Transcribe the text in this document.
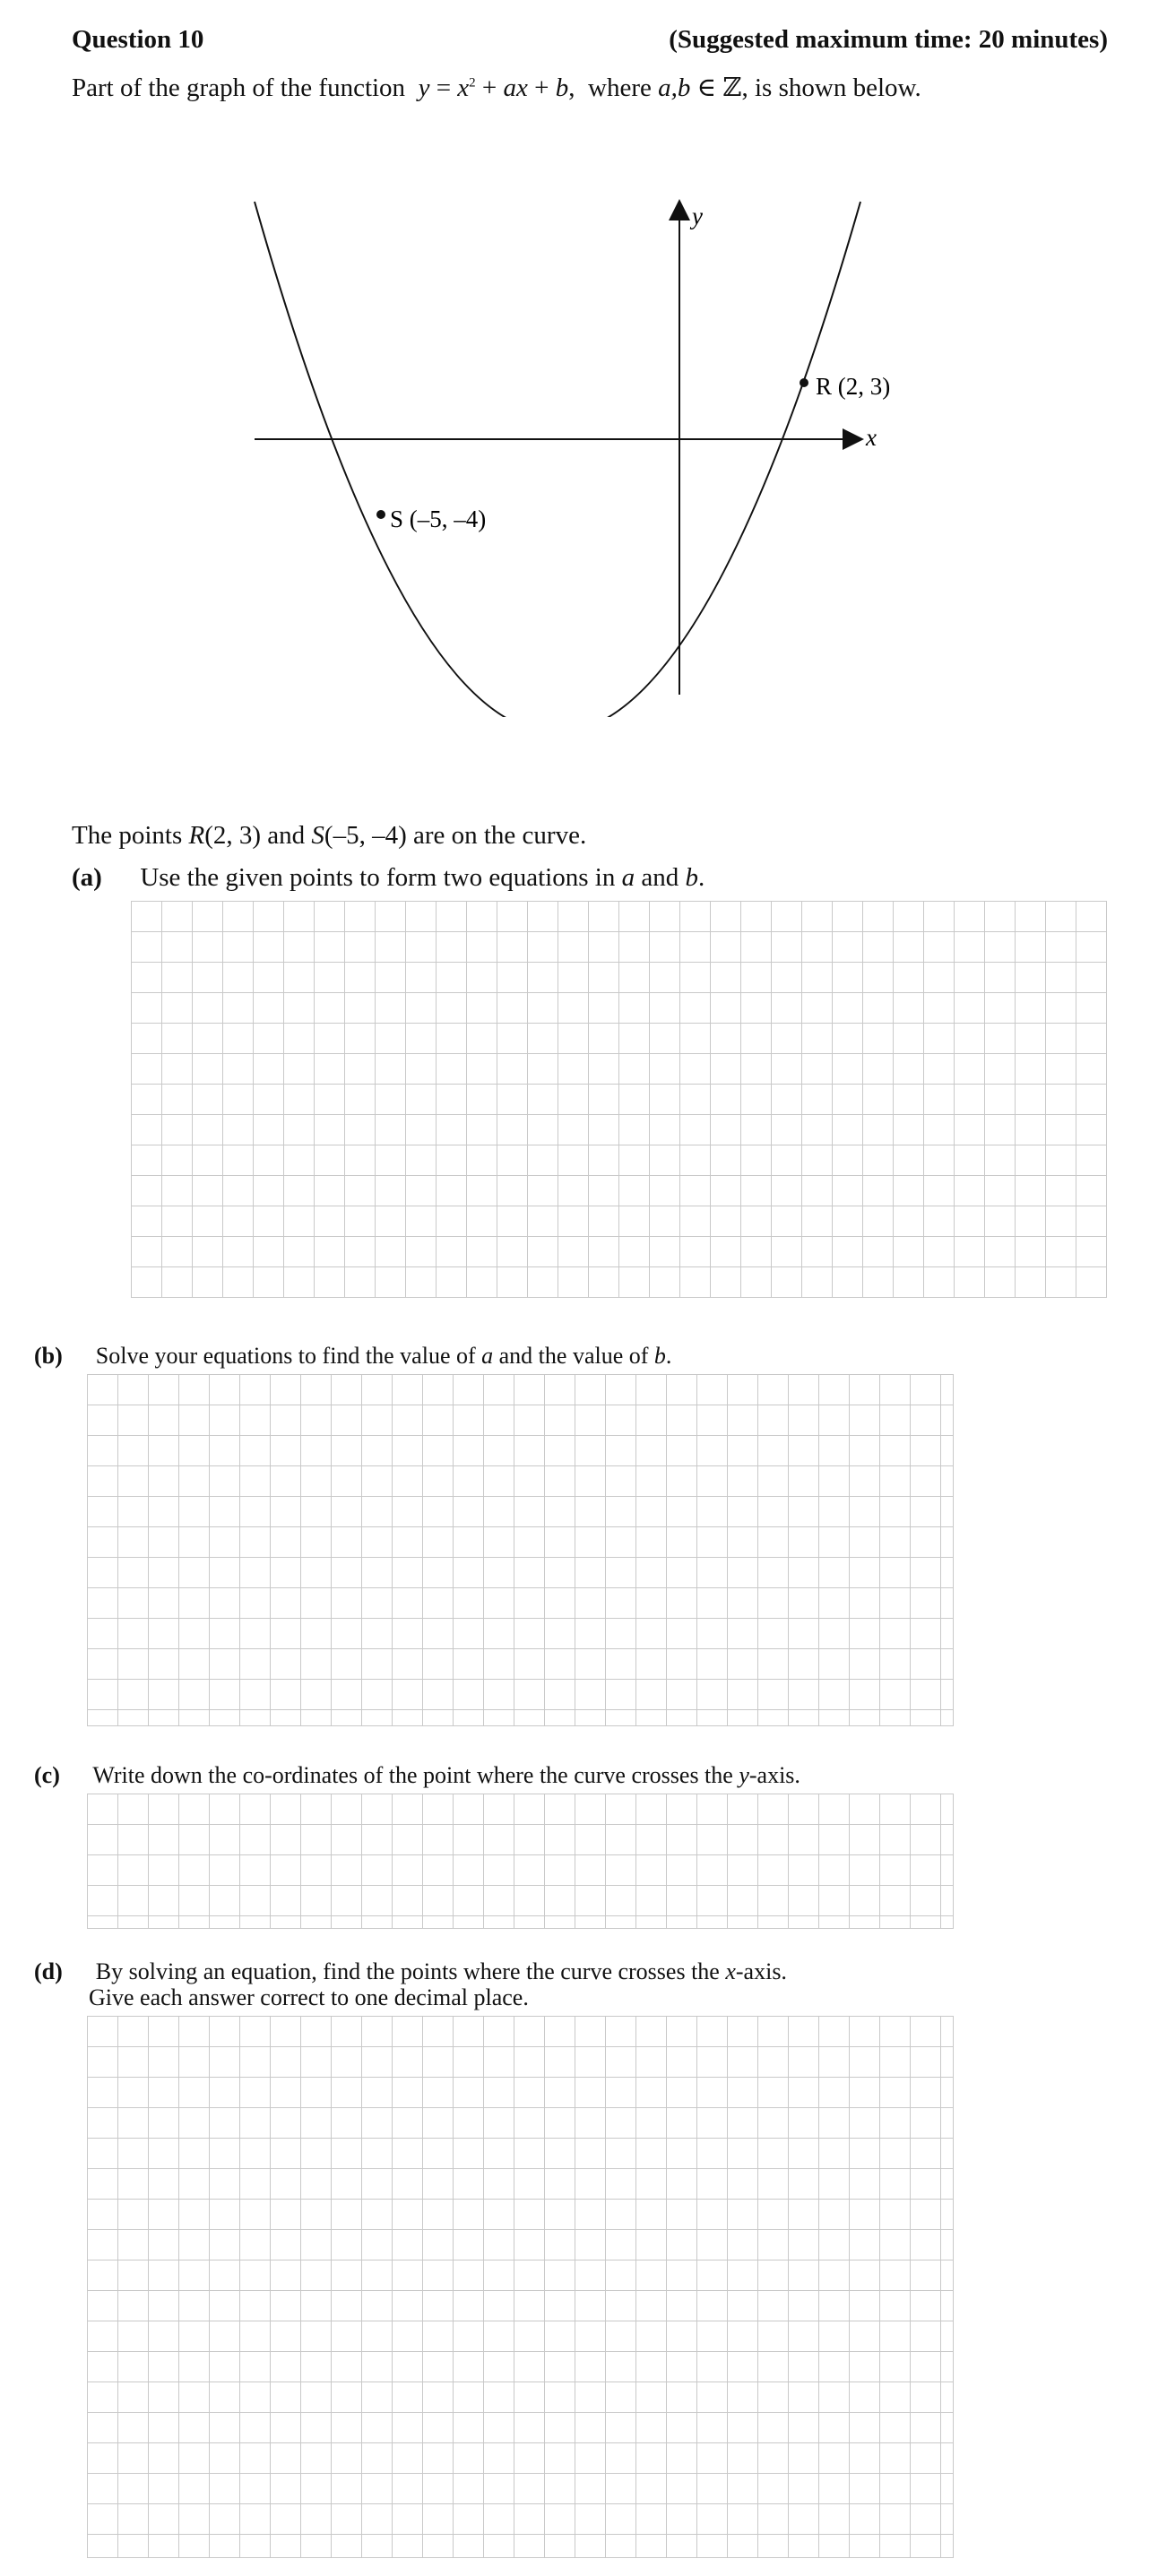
Question 10	(Suggested maximum time: 20 minutes)
Part of the graph of the function $y = x^2$ + ax + b, where a,b ∈ ℤ, is shown below.
y
x
R (2, 3)
S (–5, –4)
The points R(2, 3) and S(–5, –4) are on the curve.
(a) Use the given points to form two equations in a and b.
(b) Solve your equations to find the value of a and the value of b.
(c) Write down the co-ordinates of the point where the curve crosses the y-axis.
(d) By solving an equation, find the points where the curve crosses the x-axis.
Give each answer correct to one decimal place.
